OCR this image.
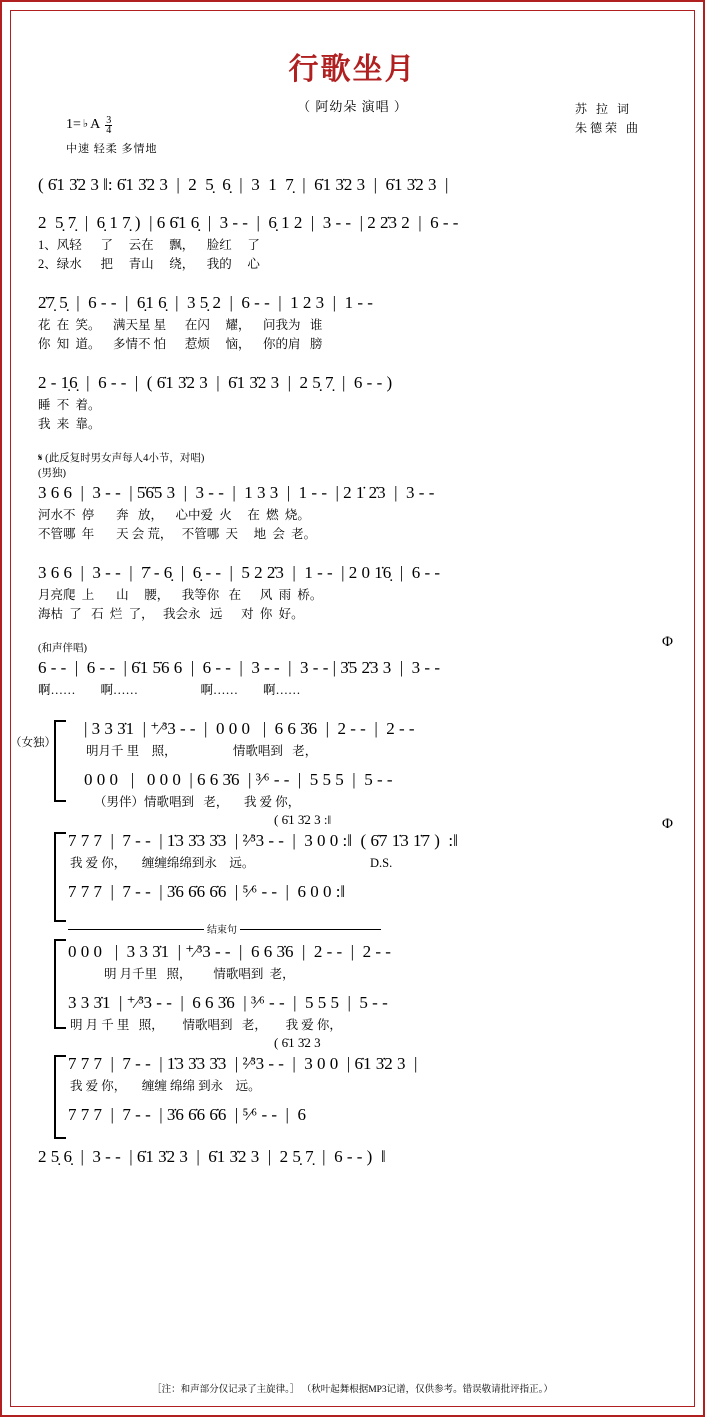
行歌坐月
（ 阿幼朵 演唱 ）	苏 拉 词
朱德荣 曲
1= ♭ A $\frac{3}{4}$
中速 轻柔 多情地
( 6̇1 3̇2 3 ‖: 6̇1 3̇2 3  |  2  5̣  6̣  |  3  1  7̣  |  6̇1 3̇2 3  |  6̇1 3̇2 3  |
2  5̣ 7̣  |  6̣ 1 7̣ )  | 6 6̇1 6̣  |  3 - -  |  6̣ 1 2  |  3 - -  | 2 2̇3 2  |  6 - -
1、风轻      了     云在     飘，    脸红     了
2、绿水      把     青山     绕，    我的     心
2̇7̣ 5̣  |  6 - -  |  6̣1 6̣  |  3 5̣ 2  |  6 - -  |  1 2 3  |  1 - -
花  在  笑。    满天星 星      在闪     耀，    问我为   谁
你  知  道。    多情不 怕      惹烦     恼，    你的肩   膀
2 - 1̣6̣  |  6 - -  |  ( 6̇1 3̇2 3  |  6̇1 3̇2 3  |  2 5̣ 7̣  |  6 - - )
睡  不  着。
我  来  靠。
𝄋 (此反复时男女声每人4小节，对唱)
(男独)
3 6 6  |  3 - -  | 5̇6̇5 3  |  3 - -  |  1 3 3  |  1 - -  | 2 1̇ 2̇3  |  3 - -
河水不  停       奔   放，    心中爱  火     在  燃  烧。
不管哪  年       天 会 荒，   不管哪  天     地  会  老。
3 6 6  |  3 - -  |  7̇ - 6̣  |  6̣ - -  |  5 2 2̇3  |  1 - -  | 2 0 1̇6̣  |  6 - -
月亮爬  上       山     腰，    我等你   在      风  雨  桥。
海枯  了   石  烂  了，   我会永   远      对  你  好。
(和声伴唱)
6 - -  |  6 - -  | 6̇1 5̇6 6  |  6 - -  |  3 - -  |  3 - - | 3̇5 2̇3 3  |  3 - -
啊……        啊……                    啊……        啊……
Φ
（女独）
| 3 3 3̇1  | ⁺⁄³3 - -  |  0 0 0   |  6 6 3̇6  |  2 - -  |  2 - -
明月千 里    照，                  情歌唱到   老，
0 0 0   |   0 0 0  | 6 6 3̇6  | ³⁄⁶ - -  |  5 5 5  |  5 - -
（男伴）情歌唱到   老，     我 爱 你，
( 6̇1 3̇2 3 :‖	Φ
7 7 7  |  7 - -  | 1̇3 3̇3 3̇3  | ²⁄³3 - -  |  3 0 0 :‖  ( 6̇7 1̇3 1̇7 )  :‖
我 爱 你，     缠缠绵绵到永    远。                                     D.S.
7 7 7  |  7 - -  | 3̇6 6̇6 6̇6  | ⁵⁄⁶ - -  |  6 0 0 :‖
结束句
0 0 0   |  3 3 3̇1  | ⁺⁄³3 - -  |  6 6 3̇6  |  2 - -  |  2 - -
明 月千里   照，       情歌唱到  老，
3 3 3̇1  | ⁺⁄³3 - -  |  6 6 3̇6  | ³⁄⁶ - -  |  5 5 5  |  5 - -
明 月 千 里   照，      情歌唱到   老，      我 爱 你，
( 6̇1 3̇2 3
7 7 7  |  7 - -  | 1̇3 3̇3 3̇3  | ²⁄³3 - -  |  3 0 0  | 6̇1 3̇2 3  |
我 爱 你，     缠缠 绵绵 到永    远。
7 7 7  |  7 - -  | 3̇6 6̇6 6̇6  | ⁵⁄⁶ - -  |  6
2 5̣ 6̣  |  3 - -  | 6̇1 3̇2 3  |  6̇1 3̇2 3  |  2 5̣ 7̣  |  6 - - )  ‖
［注：和声部分仅记录了主旋律。］ （秋叶起舞根据MP3记谱，仅供参考。错误敬请批评指正。）
